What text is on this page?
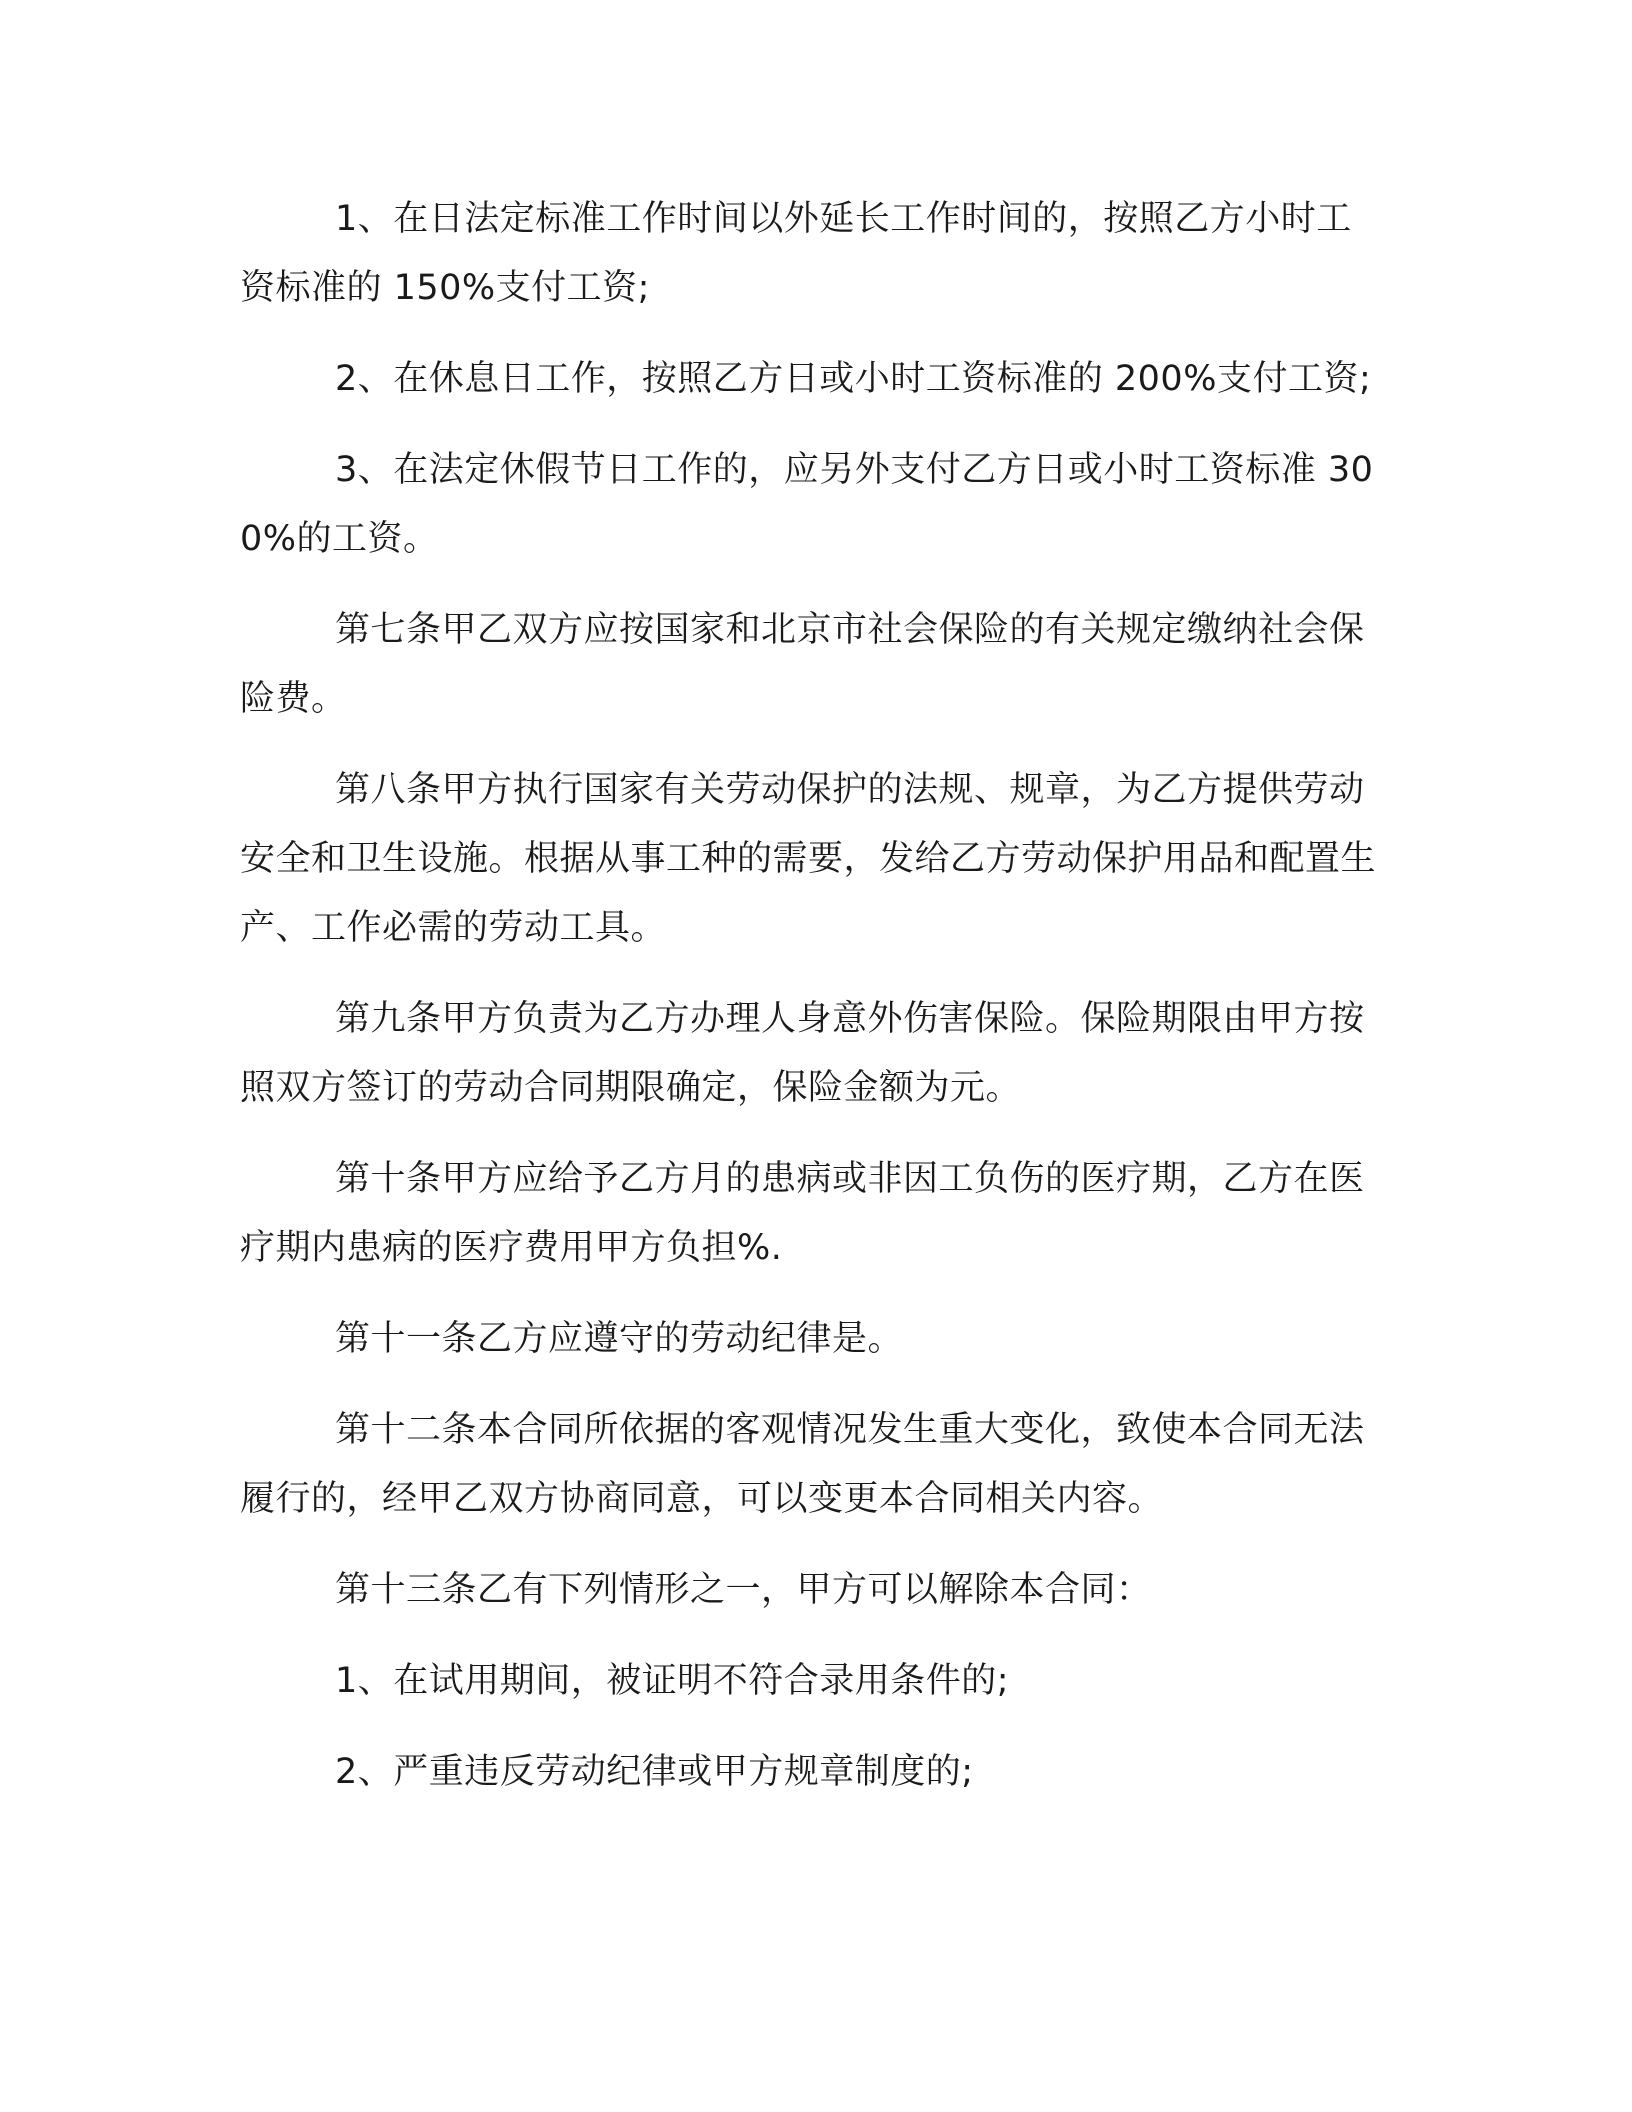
1、在日法定标准工作时间以外延长工作时间的，按照乙方小时工资标准的 150%支付工资;

2、在休息日工作，按照乙方日或小时工资标准的 200%支付工资;

3、在法定休假节日工作的，应另外支付乙方日或小时工资标准 300%的工资。

第七条甲乙双方应按国家和北京市社会保险的有关规定缴纳社会保险费。

第八条甲方执行国家有关劳动保护的法规、规章，为乙方提供劳动安全和卫生设施。根据从事工种的需要，发给乙方劳动保护用品和配置生产、工作必需的劳动工具。

第九条甲方负责为乙方办理人身意外伤害保险。保险期限由甲方按照双方签订的劳动合同期限确定，保险金额为元。

第十条甲方应给予乙方月的患病或非因工负伤的医疗期，乙方在医疗期内患病的医疗费用甲方负担%.

第十一条乙方应遵守的劳动纪律是。

第十二条本合同所依据的客观情况发生重大变化，致使本合同无法履行的，经甲乙双方协商同意，可以变更本合同相关内容。

第十三条乙有下列情形之一，甲方可以解除本合同：

1、在试用期间，被证明不符合录用条件的;

2、严重违反劳动纪律或甲方规章制度的;
